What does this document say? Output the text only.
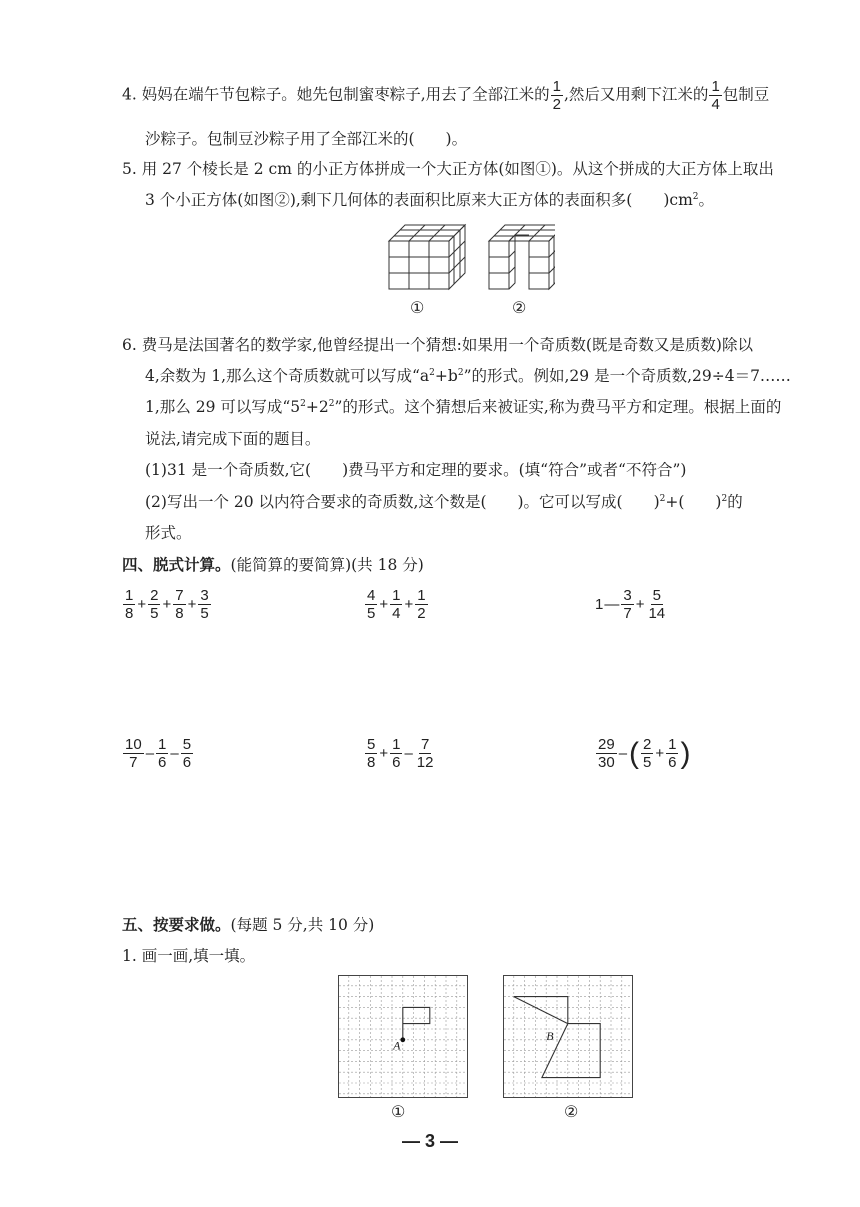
4. 妈妈在端午节包粽子。她先包制蜜枣粽子,用去了全部江米的 $\frac{1}{2}$ ,然后又用剩下江米的 $\frac{1}{4}$ 包制豆
沙粽子。包制豆沙粽子用了全部江米的(　　)。
5. 用 27 个棱长是 2 cm 的小正方体拼成一个大正方体(如图①)。从这个拼成的大正方体上取出
3 个小正方体(如图②),剩下几何体的表面积比原来大正方体的表面积多(　　)$cm^2$。
①	②
6. 费马是法国著名的数学家,他曾经提出一个猜想:如果用一个奇质数(既是奇数又是质数)除以
4,余数为 1,那么这个奇质数就可以写成“$a^2+b^2$”的形式。例如,29 是一个奇质数,29÷4＝7……
1,那么 29 可以写成“$5^2+2^2$”的形式。这个猜想后来被证实,称为费马平方和定理。根据上面的
说法,请完成下面的题目。
(1)31 是一个奇质数,它(　　)费马平方和定理的要求。(填“符合”或者“不符合”)
(2)写出一个 20 以内符合要求的奇质数,这个数是(　　)。它可以写成(　　)$^2$+(　　)$^2$的
形式。
四、脱式计算。(能简算的要简算)(共 18 分)
$\frac{1}{8} + \frac{2}{5} + \frac{7}{8} + \frac{3}{5}$	$\frac{4}{5} + \frac{1}{4} + \frac{1}{2}$	1 — $\frac{3}{7} + \frac{5}{14}$
$\frac{10}{7} - \frac{1}{6} - \frac{5}{6}$	$\frac{5}{8} + \frac{1}{6} - \frac{7}{12}$	$\frac{29}{30}$ – ( $\frac{2}{5} + \frac{1}{6}$ )
五、按要求做。(每题 5 分,共 10 分)
1. 画一画,填一填。
A
B
①	②
— 3 —
